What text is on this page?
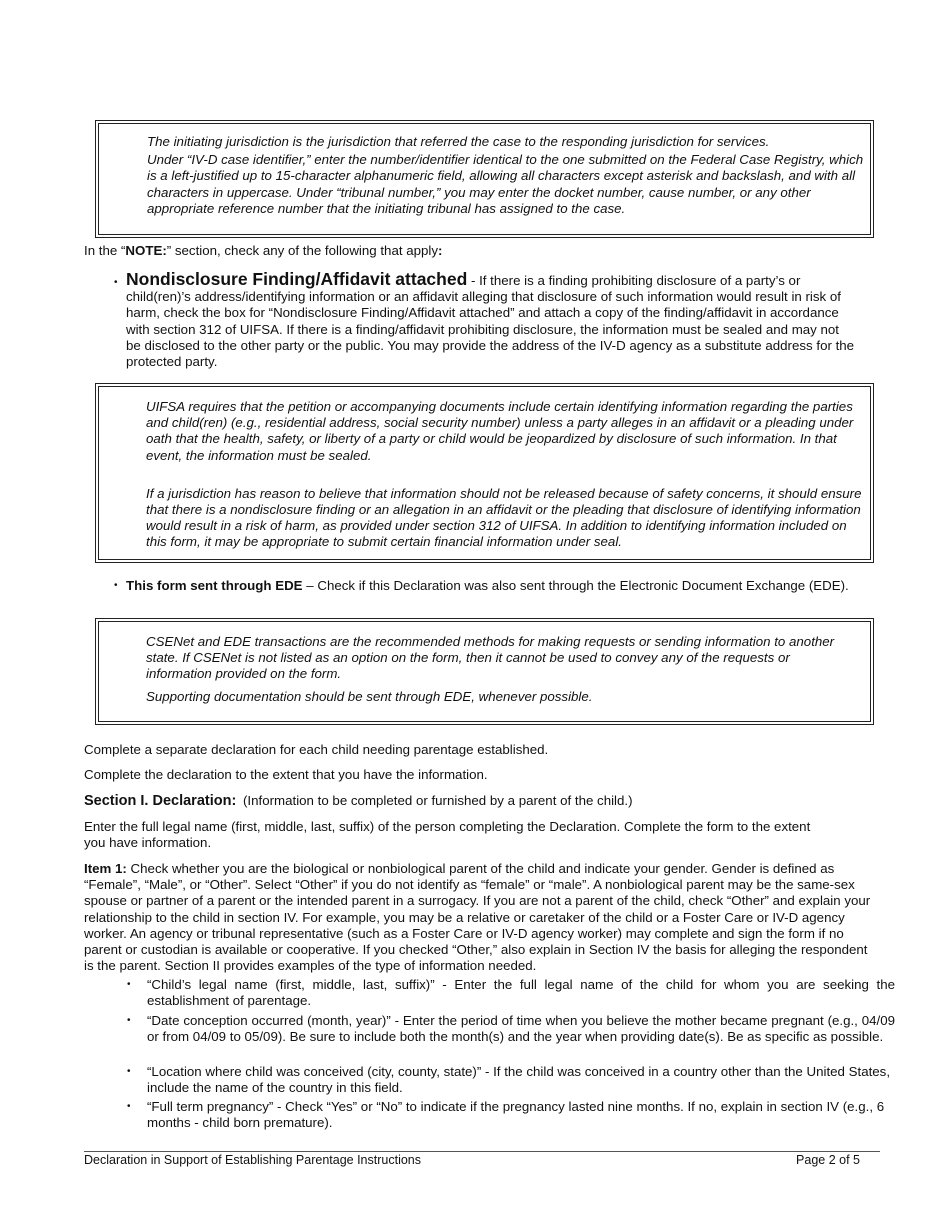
The initiating jurisdiction is the jurisdiction that referred the case to the responding jurisdiction for services.

Under “IV-D case identifier,” enter the number/identifier identical to the one submitted on the Federal Case Registry, which is a left-justified up to 15-character alphanumeric field, allowing all characters except asterisk and backslash, and with all characters in uppercase. Under “tribunal number,” you may enter the docket number, cause number, or any other appropriate reference number that the initiating tribunal has assigned to the case.

In the “NOTE:” section, check any of the following that apply:

• Nondisclosure Finding/Affidavit attached - If there is a finding prohibiting disclosure of a party’s or child(ren)’s address/identifying information or an affidavit alleging that disclosure of such information would result in risk of harm, check the box for “Nondisclosure Finding/Affidavit attached” and attach a copy of the finding/affidavit in accordance with section 312 of UIFSA. If there is a finding/affidavit prohibiting disclosure, the information must be sealed and may not be disclosed to the other party or the public. You may provide the address of the IV-D agency as a substitute address for the protected party.

UIFSA requires that the petition or accompanying documents include certain identifying information regarding the parties and child(ren) (e.g., residential address, social security number) unless a party alleges in an affidavit or a pleading under oath that the health, safety, or liberty of a party or child would be jeopardized by disclosure of such information. In that event, the information must be sealed.

If a jurisdiction has reason to believe that information should not be released because of safety concerns, it should ensure that there is a nondisclosure finding or an allegation in an affidavit or the pleading that disclosure of identifying information would result in a risk of harm, as provided under section 312 of UIFSA. In addition to identifying information included on this form, it may be appropriate to submit certain financial information under seal.

• This form sent through EDE – Check if this Declaration was also sent through the Electronic Document Exchange (EDE).

CSENet and EDE transactions are the recommended methods for making requests or sending information to another state. If CSENet is not listed as an option on the form, then it cannot be used to convey any of the requests or information provided on the form.

Supporting documentation should be sent through EDE, whenever possible.

Complete a separate declaration for each child needing parentage established.

Complete the declaration to the extent that you have the information.

Section I. Declaration: (Information to be completed or furnished by a parent of the child.)

Enter the full legal name (first, middle, last, suffix) of the person completing the Declaration. Complete the form to the extent you have information.

Item 1: Check whether you are the biological or nonbiological parent of the child and indicate your gender. Gender is defined as “Female”, “Male”, or “Other”. Select “Other” if you do not identify as “female” or “male”. A nonbiological parent may be the same-sex spouse or partner of a parent or the intended parent in a surrogacy. If you are not a parent of the child, check “Other” and explain your relationship to the child in section IV. For example, you may be a relative or caretaker of the child or a Foster Care or IV-D agency worker. An agency or tribunal representative (such as a Foster Care or IV-D agency worker) may complete and sign the form if no parent or custodian is available or cooperative. If you checked “Other,” also explain in Section IV the basis for alleging the respondent is the parent. Section II provides examples of the type of information needed.

• “Child’s legal name (first, middle, last, suffix)” - Enter the full legal name of the child for whom you are seeking the establishment of parentage.
• “Date conception occurred (month, year)” - Enter the period of time when you believe the mother became pregnant (e.g., 04/09 or from 04/09 to 05/09). Be sure to include both the month(s) and the year when providing date(s). Be as specific as possible.
• “Location where child was conceived (city, county, state)” - If the child was conceived in a country other than the United States, include the name of the country in this field.
• “Full term pregnancy” - Check “Yes” or “No” to indicate if the pregnancy lasted nine months. If no, explain in section IV (e.g., 6 months - child born premature).
Declaration in Support of Establishing Parentage Instructions	Page 2 of 5
